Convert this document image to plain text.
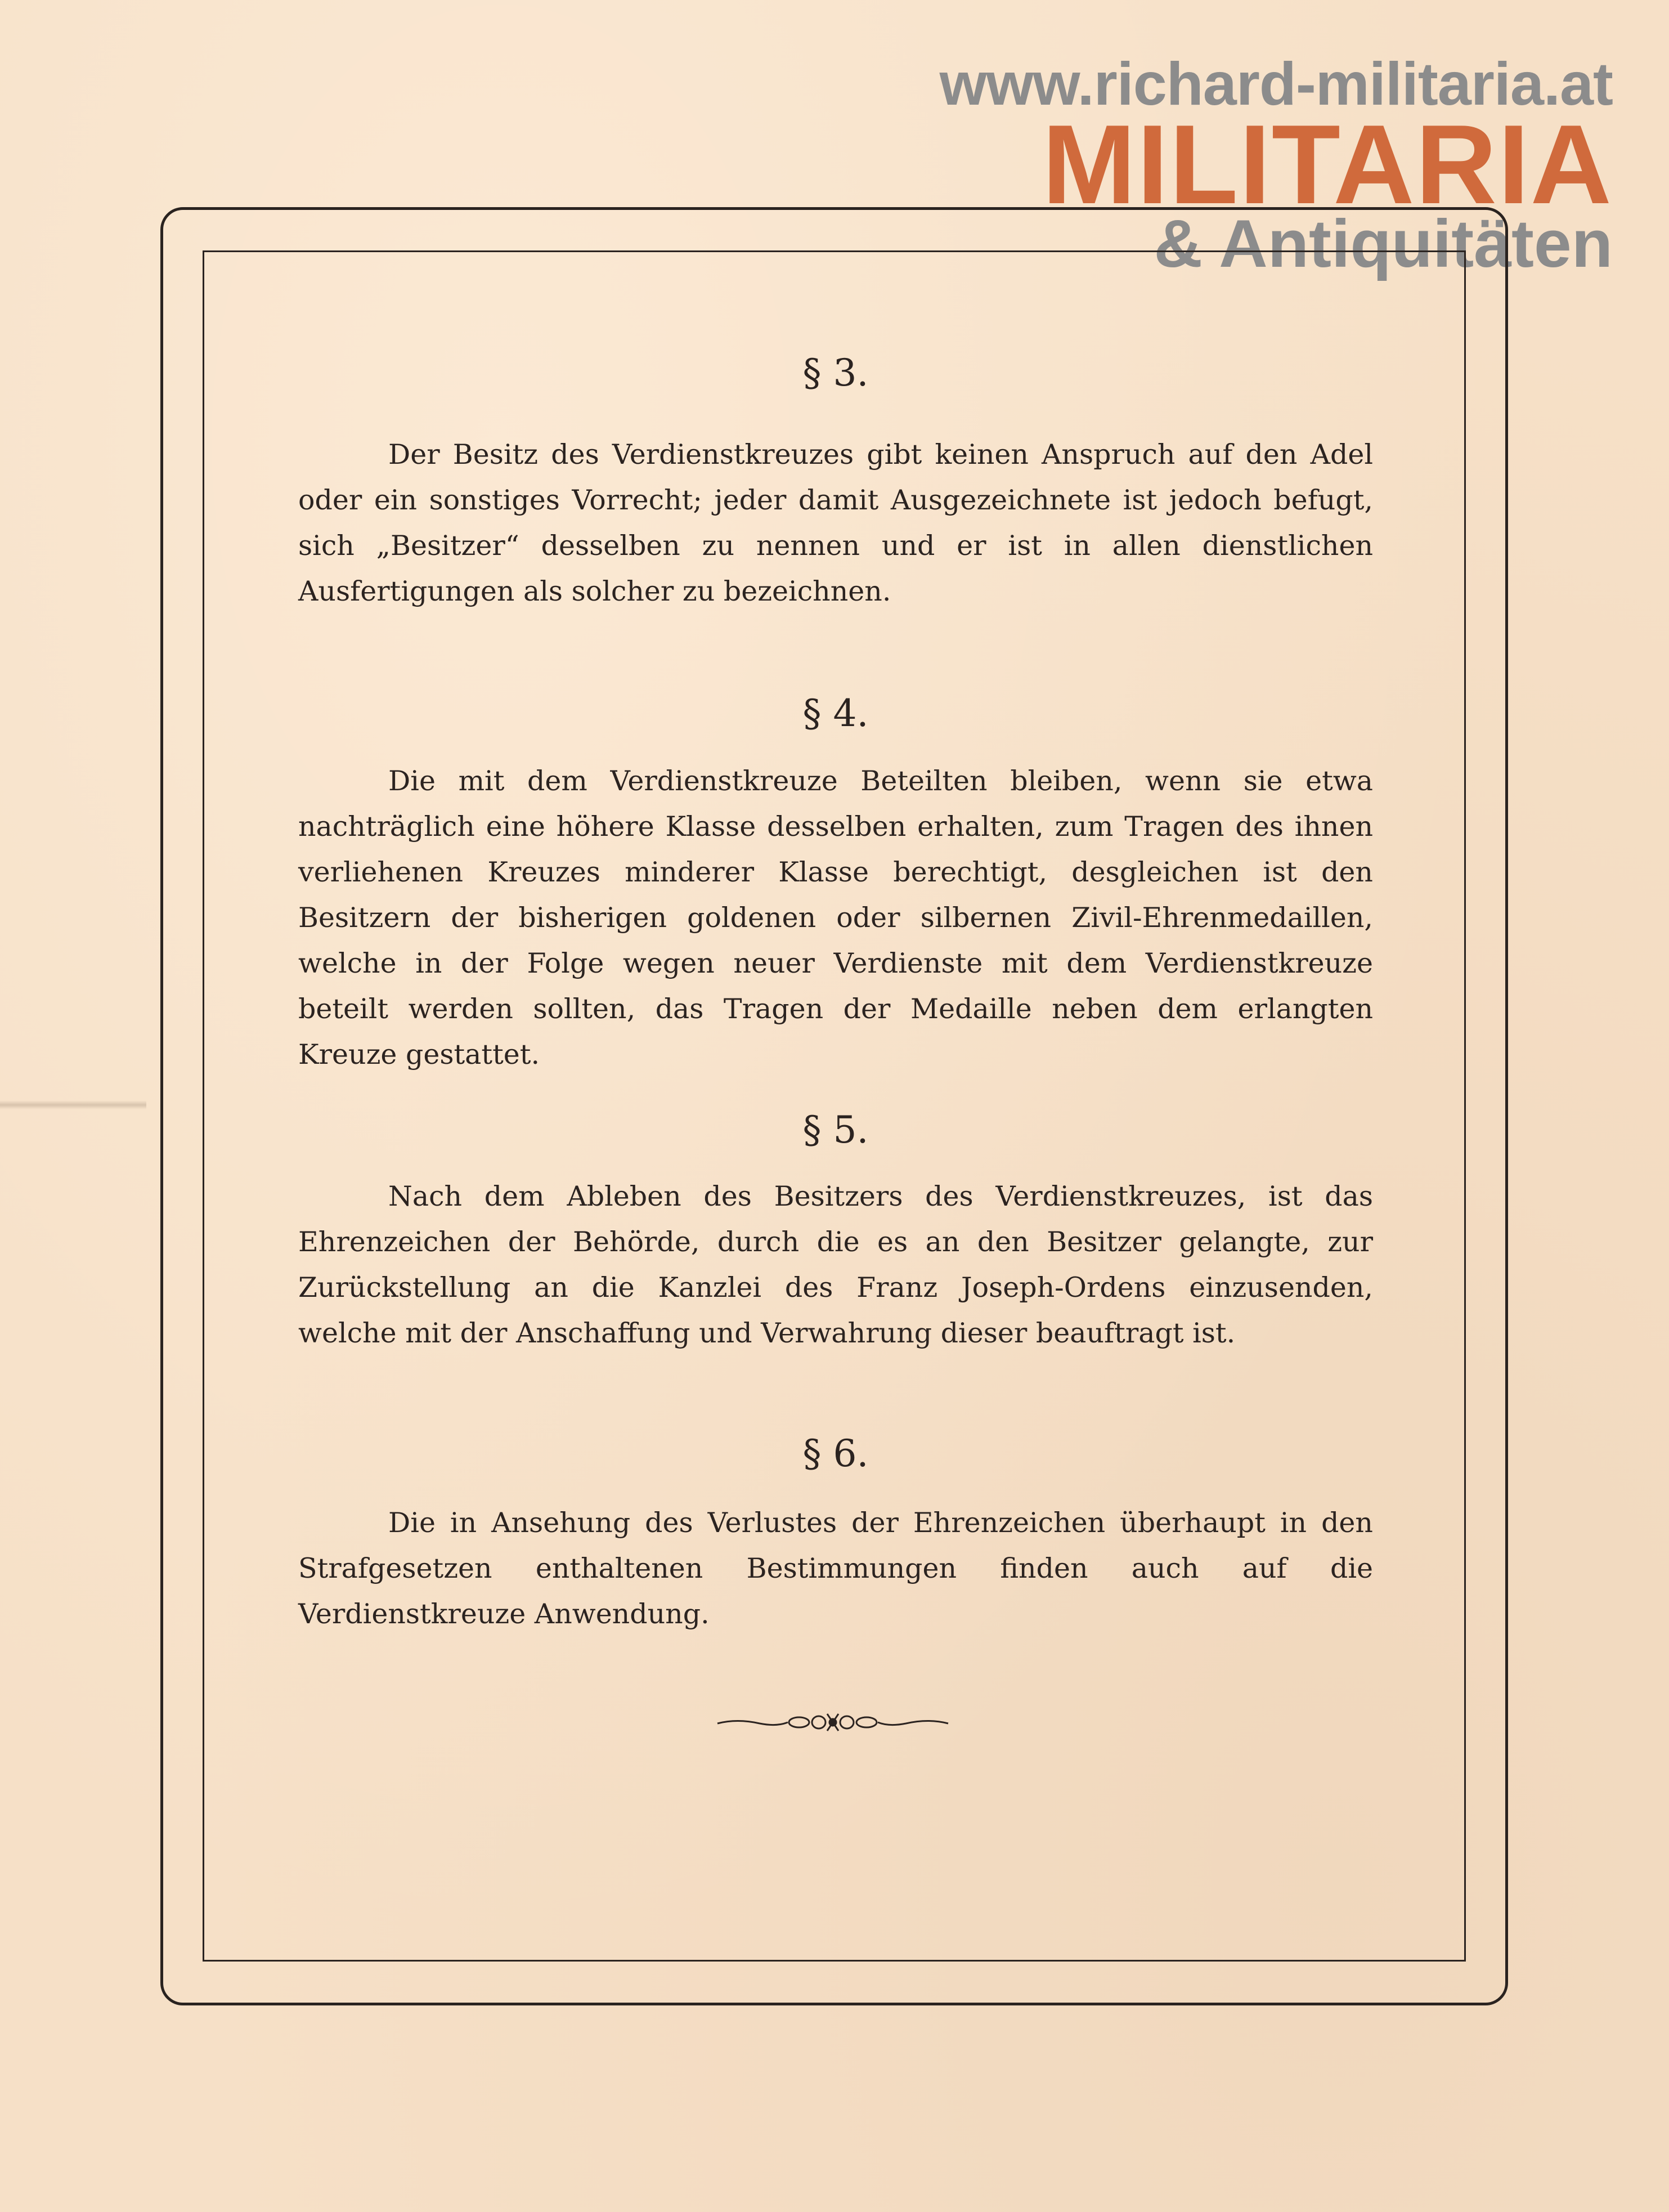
www.richard-militaria.at
MILITARIA
& Antiquitäten
§ 3.

Der Besitz des Verdienstkreuzes gibt keinen Anspruch auf den Adel oder ein sonstiges Vorrecht; jeder damit Ausgezeichnete ist jedoch befugt, sich „Besitzer“ desselben zu nennen und er ist in allen dienstlichen Ausfertigungen als solcher zu bezeichnen.

§ 4.

Die mit dem Verdienstkreuze Beteilten bleiben, wenn sie etwa nachträglich eine höhere Klasse desselben erhalten, zum Tragen des ihnen verliehenen Kreuzes minderer Klasse berechtigt, desgleichen ist den Besitzern der bisherigen goldenen oder silbernen Zivil-Ehrenmedaillen, welche in der Folge wegen neuer Verdienste mit dem Verdienstkreuze beteilt werden sollten, das Tragen der Medaille neben dem erlangten Kreuze gestattet.

§ 5.

Nach dem Ableben des Besitzers des Verdienstkreuzes, ist das Ehrenzeichen der Behörde, durch die es an den Besitzer gelangte, zur Zurückstellung an die Kanzlei des Franz Joseph-Ordens einzusenden, welche mit der Anschaffung und Verwahrung dieser beauftragt ist.

§ 6.

Die in Ansehung des Verlustes der Ehrenzeichen überhaupt in den Strafgesetzen enthaltenen Bestimmungen finden auch auf die Verdienstkreuze Anwendung.
